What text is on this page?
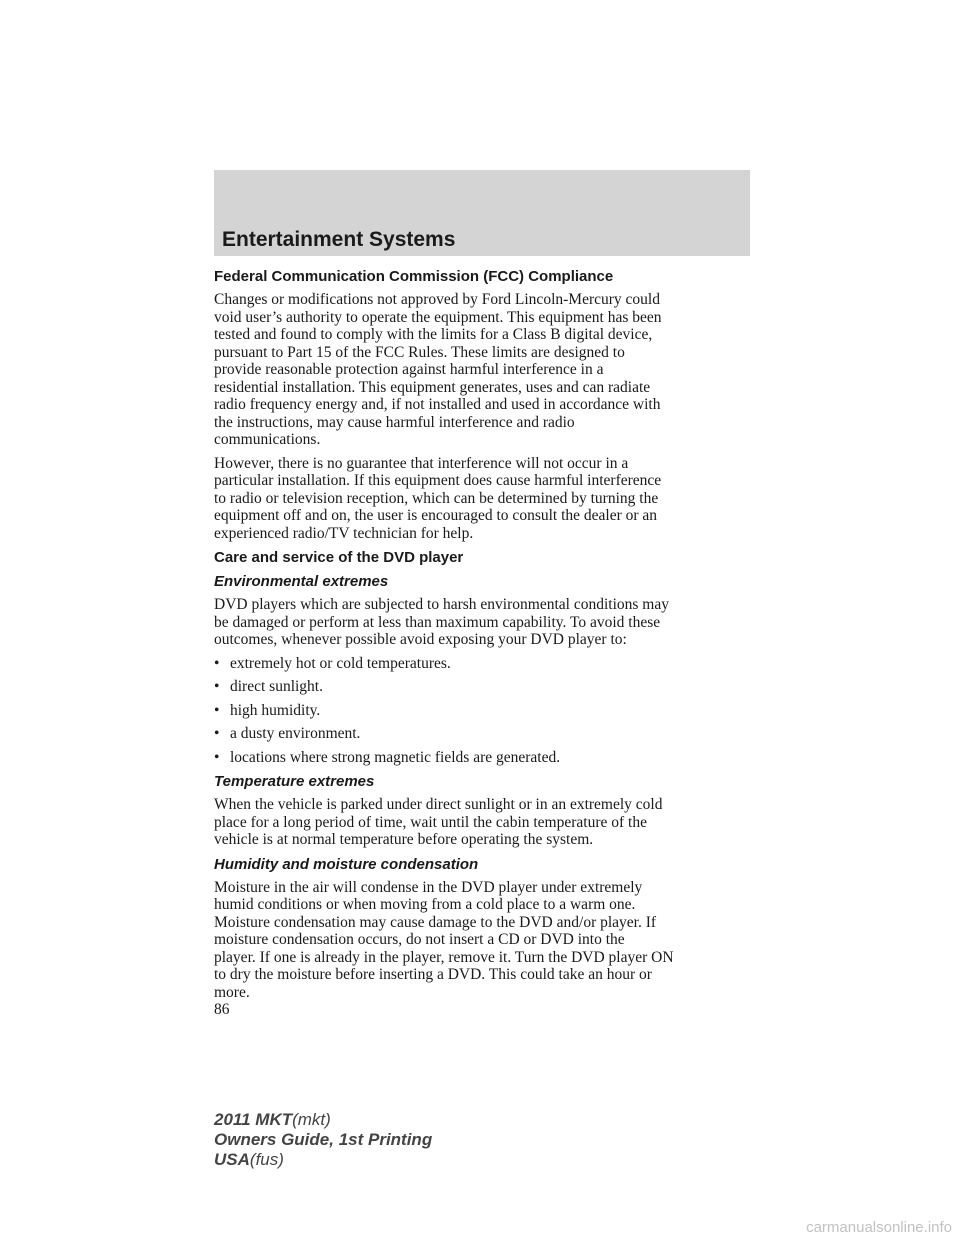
Entertainment Systems
Federal Communication Commission (FCC) Compliance
Changes or modifications not approved by Ford Lincoln-Mercury could
void user’s authority to operate the equipment. This equipment has been
tested and found to comply with the limits for a Class B digital device,
pursuant to Part 15 of the FCC Rules. These limits are designed to
provide reasonable protection against harmful interference in a
residential installation. This equipment generates, uses and can radiate
radio frequency energy and, if not installed and used in accordance with
the instructions, may cause harmful interference and radio
communications.
However, there is no guarantee that interference will not occur in a
particular installation. If this equipment does cause harmful interference
to radio or television reception, which can be determined by turning the
equipment off and on, the user is encouraged to consult the dealer or an
experienced radio/TV technician for help.
Care and service of the DVD player
Environmental extremes
DVD players which are subjected to harsh environmental conditions may
be damaged or perform at less than maximum capability. To avoid these
outcomes, whenever possible avoid exposing your DVD player to:
• extremely hot or cold temperatures.
• direct sunlight.
• high humidity.
• a dusty environment.
• locations where strong magnetic fields are generated.
Temperature extremes
When the vehicle is parked under direct sunlight or in an extremely cold
place for a long period of time, wait until the cabin temperature of the
vehicle is at normal temperature before operating the system.
Humidity and moisture condensation
Moisture in the air will condense in the DVD player under extremely
humid conditions or when moving from a cold place to a warm one.
Moisture condensation may cause damage to the DVD and/or player. If
moisture condensation occurs, do not insert a CD or DVD into the
player. If one is already in the player, remove it. Turn the DVD player ON
to dry the moisture before inserting a DVD. This could take an hour or
more.
86
2011 MKT(mkt)
Owners Guide, 1st Printing
USA(fus)
carmanualsonline.info
